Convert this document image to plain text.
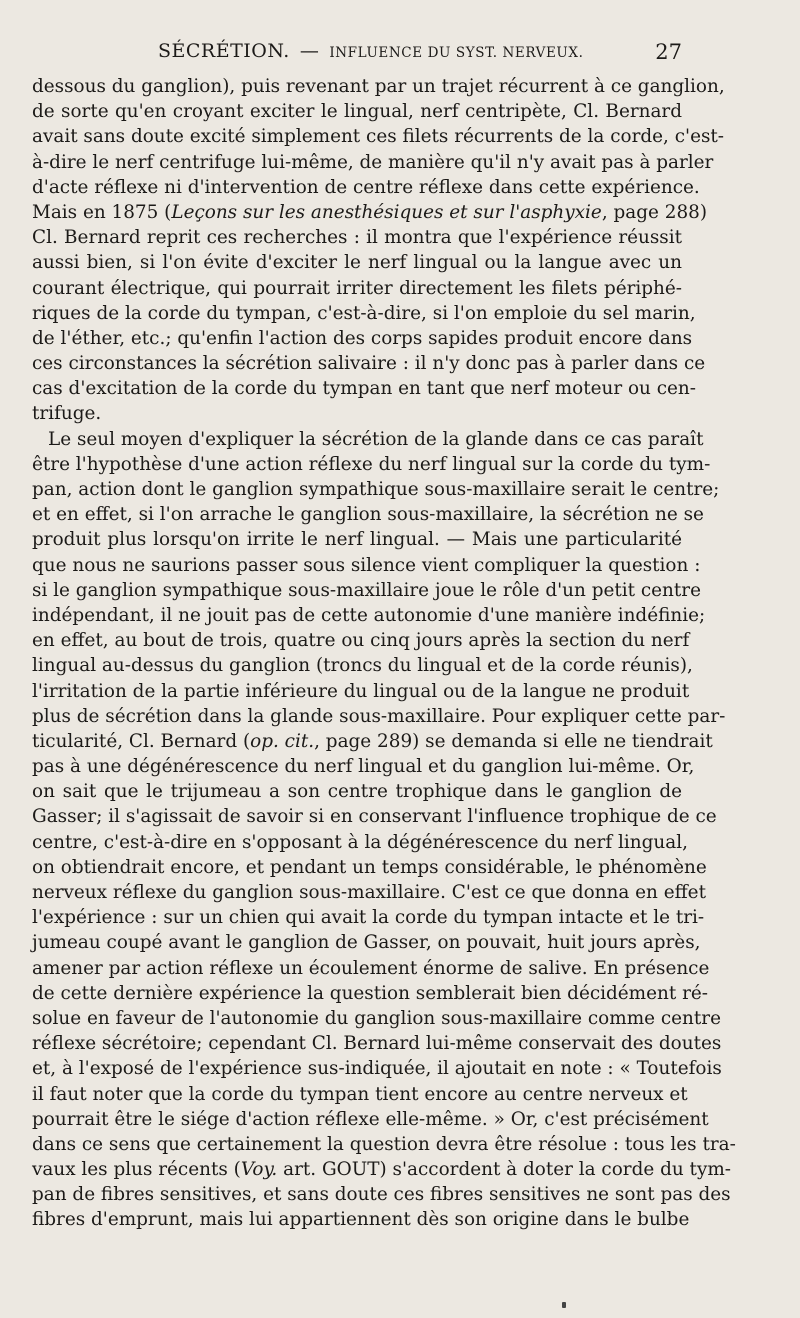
SÉCRÉTION. — INFLUENCE DU SYST. NERVEUX.	27
dessous du ganglion), puis revenant par un trajet récurrent à ce ganglion,
de sorte qu'en croyant exciter le lingual, nerf centripète, Cl. Bernard
avait sans doute excité simplement ces filets récurrents de la corde, c'est-
à-dire le nerf centrifuge lui-même, de manière qu'il n'y avait pas à parler
d'acte réflexe ni d'intervention de centre réflexe dans cette expérience.
Mais en 1875 (Leçons sur les anesthésiques et sur l'asphyxie, page 288)
Cl. Bernard reprit ces recherches : il montra que l'expérience réussit
aussi bien, si l'on évite d'exciter le nerf lingual ou la langue avec un
courant électrique, qui pourrait irriter directement les filets périphé-
riques de la corde du tympan, c'est-à-dire, si l'on emploie du sel marin,
de l'éther, etc.; qu'enfin l'action des corps sapides produit encore dans
ces circonstances la sécrétion salivaire : il n'y donc pas à parler dans ce
cas d'excitation de la corde du tympan en tant que nerf moteur ou cen-
trifuge.
Le seul moyen d'expliquer la sécrétion de la glande dans ce cas paraît
être l'hypothèse d'une action réflexe du nerf lingual sur la corde du tym-
pan, action dont le ganglion sympathique sous-maxillaire serait le centre;
et en effet, si l'on arrache le ganglion sous-maxillaire, la sécrétion ne se
produit plus lorsqu'on irrite le nerf lingual. — Mais une particularité
que nous ne saurions passer sous silence vient compliquer la question :
si le ganglion sympathique sous-maxillaire joue le rôle d'un petit centre
indépendant, il ne jouit pas de cette autonomie d'une manière indéfinie;
en effet, au bout de trois, quatre ou cinq jours après la section du nerf
lingual au-dessus du ganglion (troncs du lingual et de la corde réunis),
l'irritation de la partie inférieure du lingual ou de la langue ne produit
plus de sécrétion dans la glande sous-maxillaire. Pour expliquer cette par-
ticularité, Cl. Bernard (op. cit., page 289) se demanda si elle ne tiendrait
pas à une dégénérescence du nerf lingual et du ganglion lui-même. Or,
on sait que le trijumeau a son centre trophique dans le ganglion de
Gasser; il s'agissait de savoir si en conservant l'influence trophique de ce
centre, c'est-à-dire en s'opposant à la dégénérescence du nerf lingual,
on obtiendrait encore, et pendant un temps considérable, le phénomène
nerveux réflexe du ganglion sous-maxillaire. C'est ce que donna en effet
l'expérience : sur un chien qui avait la corde du tympan intacte et le tri-
jumeau coupé avant le ganglion de Gasser, on pouvait, huit jours après,
amener par action réflexe un écoulement énorme de salive. En présence
de cette dernière expérience la question semblerait bien décidément ré-
solue en faveur de l'autonomie du ganglion sous-maxillaire comme centre
réflexe sécrétoire; cependant Cl. Bernard lui-même conservait des doutes
et, à l'exposé de l'expérience sus-indiquée, il ajoutait en note : « Toutefois
il faut noter que la corde du tympan tient encore au centre nerveux et
pourrait être le siége d'action réflexe elle-même. » Or, c'est précisément
dans ce sens que certainement la question devra être résolue : tous les tra-
vaux les plus récents (Voy. art. GOUT) s'accordent à doter la corde du tym-
pan de fibres sensitives, et sans doute ces fibres sensitives ne sont pas des
fibres d'emprunt, mais lui appartiennent dès son origine dans le bulbe
